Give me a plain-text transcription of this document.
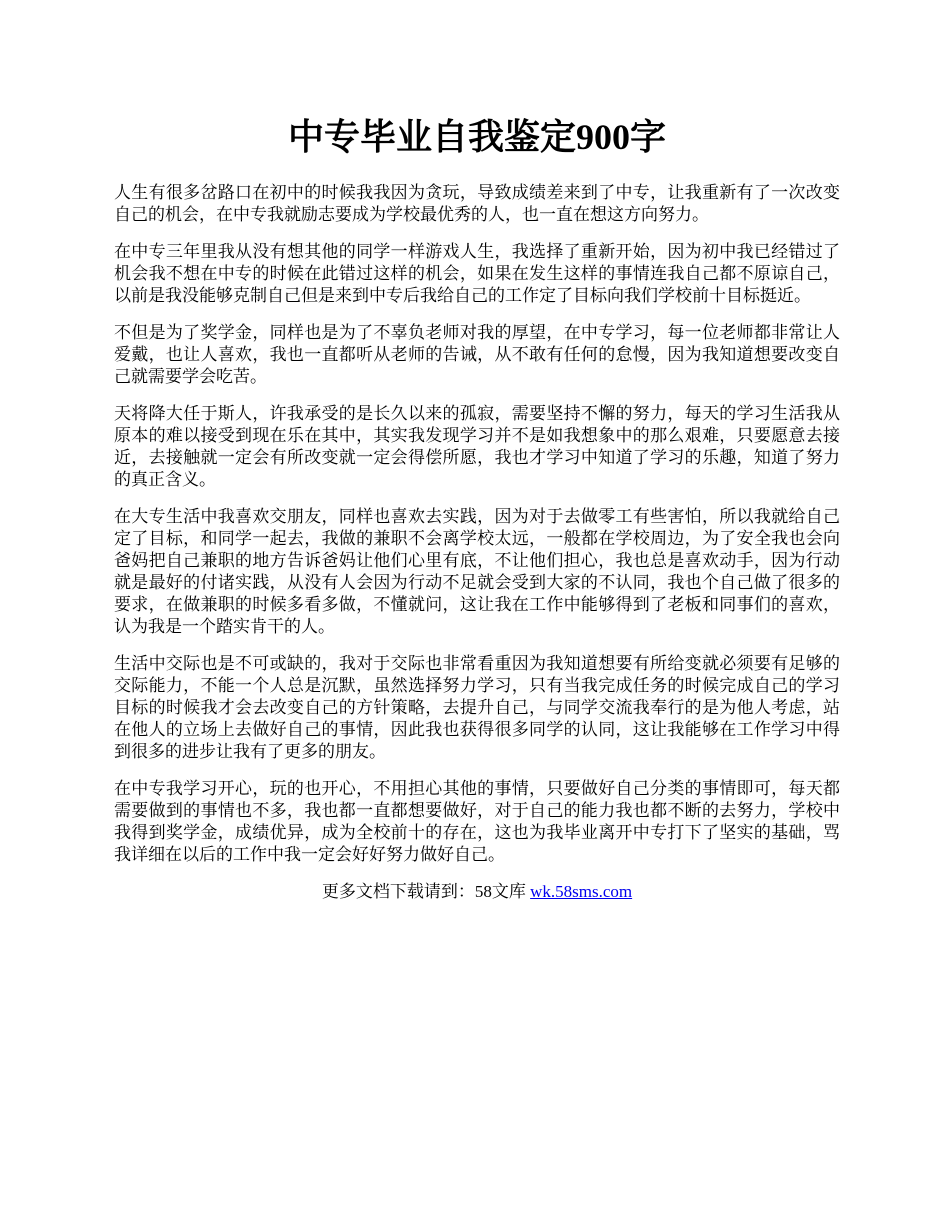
中专毕业自我鉴定900字

人生有很多岔路口在初中的时候我我因为贪玩，导致成绩差来到了中专，让我重新有了一次改变自己的机会，在中专我就励志要成为学校最优秀的人，也一直在想这方向努力。

在中专三年里我从没有想其他的同学一样游戏人生，我选择了重新开始，因为初中我已经错过了机会我不想在中专的时候在此错过这样的机会，如果在发生这样的事情连我自己都不原谅自己，以前是我没能够克制自己但是来到中专后我给自己的工作定了目标向我们学校前十目标挺近。

不但是为了奖学金，同样也是为了不辜负老师对我的厚望，在中专学习，每一位老师都非常让人爱戴，也让人喜欢，我也一直都听从老师的告诫，从不敢有任何的怠慢，因为我知道想要改变自己就需要学会吃苦。

天将降大任于斯人，许我承受的是长久以来的孤寂，需要坚持不懈的努力，每天的学习生活我从原本的难以接受到现在乐在其中，其实我发现学习并不是如我想象中的那么艰难，只要愿意去接近，去接触就一定会有所改变就一定会得偿所愿，我也才学习中知道了学习的乐趣，知道了努力的真正含义。

在大专生活中我喜欢交朋友，同样也喜欢去实践，因为对于去做零工有些害怕，所以我就给自己定了目标，和同学一起去，我做的兼职不会离学校太远，一般都在学校周边，为了安全我也会向爸妈把自己兼职的地方告诉爸妈让他们心里有底，不让他们担心，我也总是喜欢动手，因为行动就是最好的付诸实践，从没有人会因为行动不足就会受到大家的不认同，我也个自己做了很多的要求，在做兼职的时候多看多做，不懂就问，这让我在工作中能够得到了老板和同事们的喜欢，认为我是一个踏实肯干的人。

生活中交际也是不可或缺的，我对于交际也非常看重因为我知道想要有所给变就必须要有足够的交际能力，不能一个人总是沉默，虽然选择努力学习，只有当我完成任务的时候完成自己的学习目标的时候我才会去改变自己的方针策略，去提升自己，与同学交流我奉行的是为他人考虑，站在他人的立场上去做好自己的事情，因此我也获得很多同学的认同，这让我能够在工作学习中得到很多的进步让我有了更多的朋友。

在中专我学习开心，玩的也开心，不用担心其他的事情，只要做好自己分类的事情即可，每天都需要做到的事情也不多，我也都一直都想要做好，对于自己的能力我也都不断的去努力，学校中我得到奖学金，成绩优异，成为全校前十的存在，这也为我毕业离开中专打下了坚实的基础，骂我详细在以后的工作中我一定会好好努力做好自己。

更多文档下载请到：58文库 wk.58sms.com
